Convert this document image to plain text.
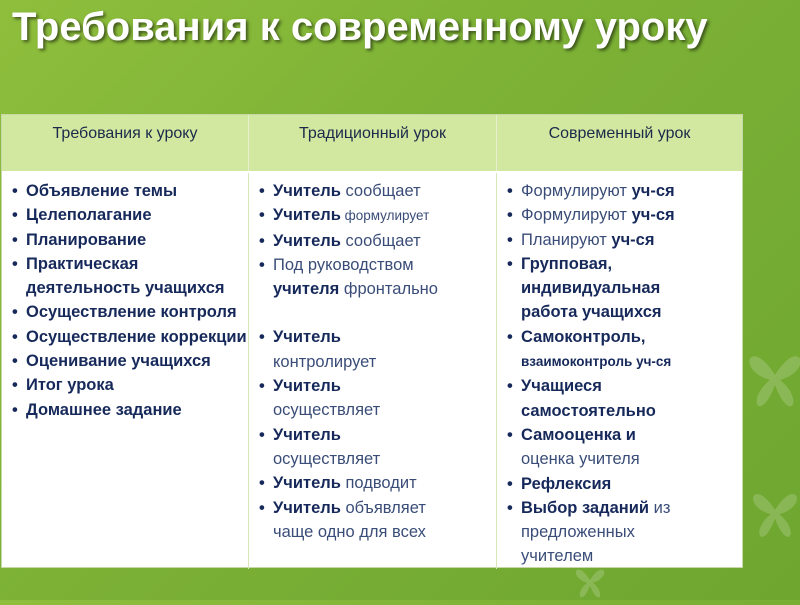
Требования к современному уроку
Требования к уроку	Традиционный урок	Современный урок
• Объявление темы
• Целеполагание
• Планирование
• Практическая деятельность учащихся
• Осуществление контроля
• Осуществление коррекции
• Оценивание учащихся
• Итог урока
• Домашнее задание
• Учитель сообщает
• Учитель формулирует
• Учитель сообщает
• Под руководством
учителя фронтально
• Учитель
контролирует
• Учитель
осуществляет
• Учитель
осуществляет
• Учитель подводит
• Учитель объявляет
чаще одно для всех
• Формулируют уч-ся
• Формулируют уч-ся
• Планируют уч-ся
• Групповая,
индивидуальная
работа учащихся
• Самоконтроль,
взаимоконтроль уч-ся
• Учащиеся
самостоятельно
• Самооценка и
оценка учителя
• Рефлексия
• Выбор заданий из
предложенных
учителем
